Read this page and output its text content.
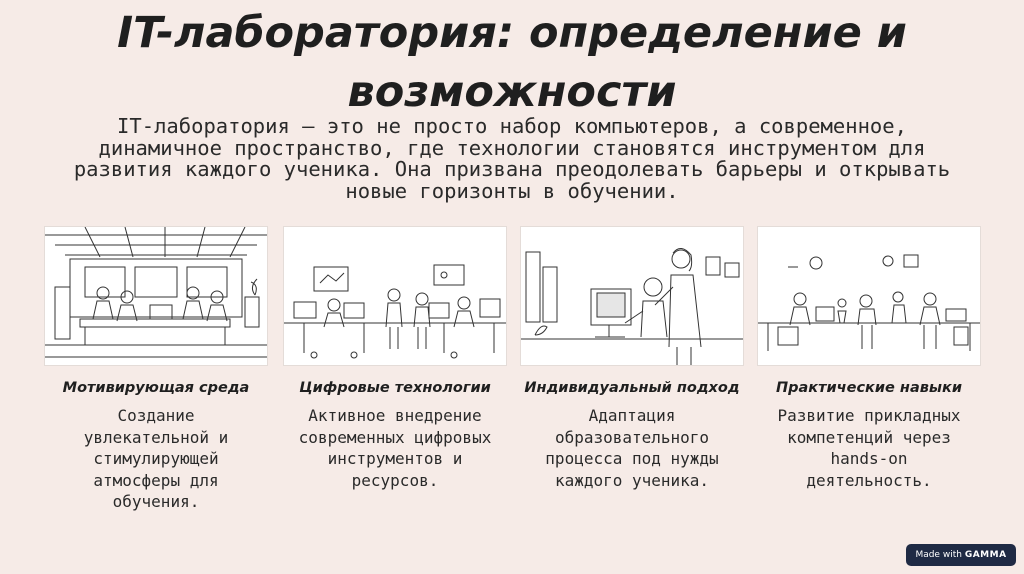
IT-лаборатория: определение и возможности
IT-лаборатория — это не просто набор компьютеров, а современное, динамичное пространство, где технологии становятся инструментом для развития каждого ученика. Она призвана преодолевать барьеры и открывать новые горизонты в обучении.
Мотивирующая среда
Создание увлекательной и стимулирующей атмосферы для обучения.
Цифровые технологии
Активное внедрение современных цифровых инструментов и ресурсов.
Индивидуальный подход
Адаптация образовательного процесса под нужды каждого ученика.
Практические навыки
Развитие прикладных компетенций через hands-on деятельность.
Made with GAMMA
